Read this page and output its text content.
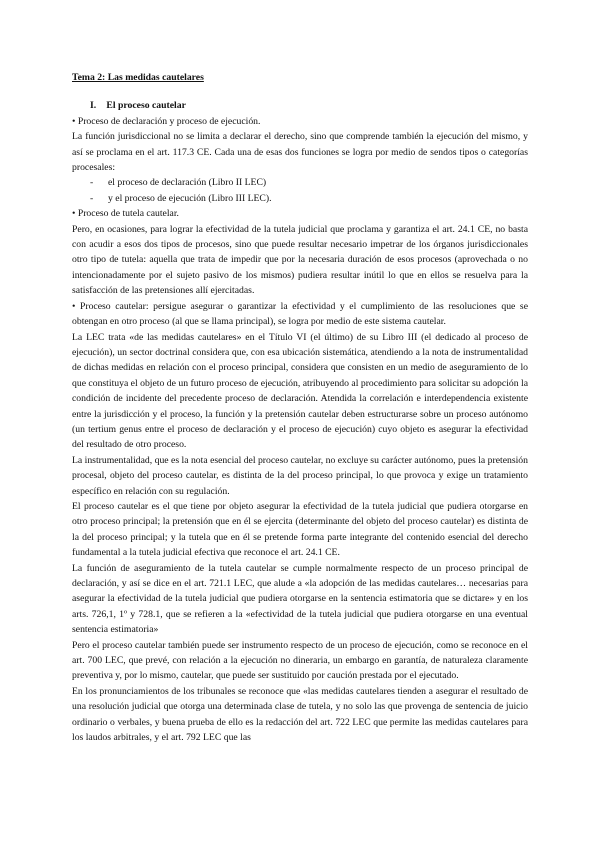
Tema 2: Las medidas cautelares
I. El proceso cautelar

• Proceso de declaración y proceso de ejecución.

La función jurisdiccional no se limita a declarar el derecho, sino que comprende también la ejecución del mismo, y así se proclama en el art. 117.3 CE. Cada una de esas dos funciones se logra por medio de sendos tipos o categorías procesales:

- el proceso de declaración (Libro II LEC)
- y el proceso de ejecución (Libro III LEC).

• Proceso de tutela cautelar.

Pero, en ocasiones, para lograr la efectividad de la tutela judicial que proclama y garantiza el art. 24.1 CE, no basta con acudir a esos dos tipos de procesos, sino que puede resultar necesario impetrar de los órganos jurisdiccionales otro tipo de tutela: aquella que trata de impedir que por la necesaria duración de esos procesos (aprovechada o no intencionadamente por el sujeto pasivo de los mismos) pudiera resultar inútil lo que en ellos se resuelva para la satisfacción de las pretensiones allí ejercitadas.

• Proceso cautelar: persigue asegurar o garantizar la efectividad y el cumplimiento de las resoluciones que se obtengan en otro proceso (al que se llama principal), se logra por medio de este sistema cautelar.

La LEC trata «de las medidas cautelares» en el Título VI (el último) de su Libro III (el dedicado al proceso de ejecución), un sector doctrinal considera que, con esa ubicación sistemática, atendiendo a la nota de instrumentalidad de dichas medidas en relación con el proceso principal, considera que consisten en un medio de aseguramiento de lo que constituya el objeto de un futuro proceso de ejecución, atribuyendo al procedimiento para solicitar su adopción la condición de incidente del precedente proceso de declaración. Atendida la correlación e interdependencia existente entre la jurisdicción y el proceso, la función y la pretensión cautelar deben estructurarse sobre un proceso autónomo (un tertium genus entre el proceso de declaración y el proceso de ejecución) cuyo objeto es asegurar la efectividad del resultado de otro proceso.

La instrumentalidad, que es la nota esencial del proceso cautelar, no excluye su carácter autónomo, pues la pretensión procesal, objeto del proceso cautelar, es distinta de la del proceso principal, lo que provoca y exige un tratamiento específico en relación con su regulación.

El proceso cautelar es el que tiene por objeto asegurar la efectividad de la tutela judicial que pudiera otorgarse en otro proceso principal; la pretensión que en él se ejercita (determinante del objeto del proceso cautelar) es distinta de la del proceso principal; y la tutela que en él se pretende forma parte integrante del contenido esencial del derecho fundamental a la tutela judicial efectiva que reconoce el art. 24.1 CE.

La función de aseguramiento de la tutela cautelar se cumple normalmente respecto de un proceso principal de declaración, y así se dice en el art. 721.1 LEC, que alude a «la adopción de las medidas cautelares… necesarias para asegurar la efectividad de la tutela judicial que pudiera otorgarse en la sentencia estimatoria que se dictare» y en los arts. 726,1, 1º y 728.1, que se refieren a la «efectividad de la tutela judicial que pudiera otorgarse en una eventual sentencia estimatoria»

Pero el proceso cautelar también puede ser instrumento respecto de un proceso de ejecución, como se reconoce en el art. 700 LEC, que prevé, con relación a la ejecución no dineraria, un embargo en garantía, de naturaleza claramente preventiva y, por lo mismo, cautelar, que puede ser sustituido por caución prestada por el ejecutado.

En los pronunciamientos de los tribunales se reconoce que «las medidas cautelares tienden a asegurar el resultado de una resolución judicial que otorga una determinada clase de tutela, y no solo las que provenga de sentencia de juicio ordinario o verbales, y buena prueba de ello es la redacción del art. 722 LEC que permite las medidas cautelares para los laudos arbitrales, y el art. 792 LEC que las
